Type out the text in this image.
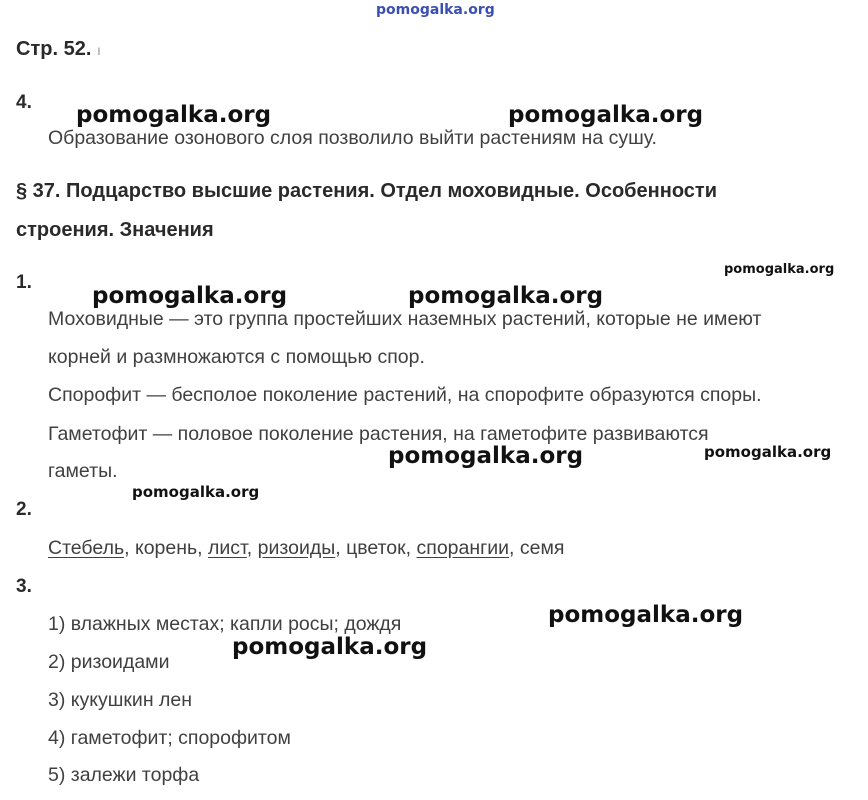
pomogalka.org
Стр. 52. ı
4.
Образование озонового слоя позволило выйти растениям на сушу.
§ 37. Подцарство высшие растения. Отдел моховидные. Особенности
строения. Значения
1.
Моховидные — это группа простейших наземных растений, которые не имеют
корней и размножаются с помощью спор.
Спорофит — бесполое поколение растений, на спорофите образуются споры.
Гаметофит — половое поколение растения, на гаметофите развиваются
гаметы.
2.
Стебель, корень, лист, ризоиды, цветок, спорангии, семя
3.
1) влажных местах; капли росы; дождя
2) ризоидами
3) кукушкин лен
4) гаметофит; спорофитом
5) залежи торфа
pomogalka.org	pomogalka.org
pomogalka.org
pomogalka.org	pomogalka.org
pomogalka.org	pomogalka.org
pomogalka.org
pomogalka.org
pomogalka.org
